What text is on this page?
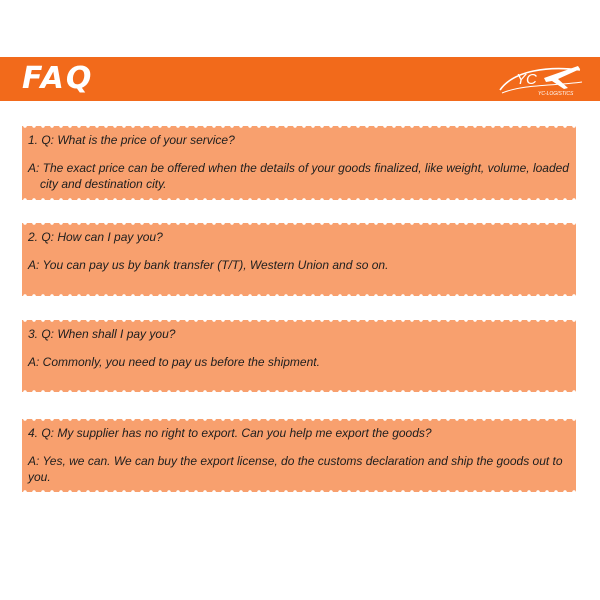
FAQ	YC
YC-LOGISTICS

1. Q: What is the price of your service?

A: The exact price can be offered when the details of your goods finalized, like weight, volume, loaded city and destination city.

2. Q: How can I pay you?

A: You can pay us by bank transfer (T/T), Western Union and so on.

3. Q: When shall I pay you?

A: Commonly, you need to pay us before the shipment.

4. Q: My supplier has no right to export. Can you help me export the goods?

A: Yes, we can. We can buy the export license, do the customs declaration and ship the goods out to you.
